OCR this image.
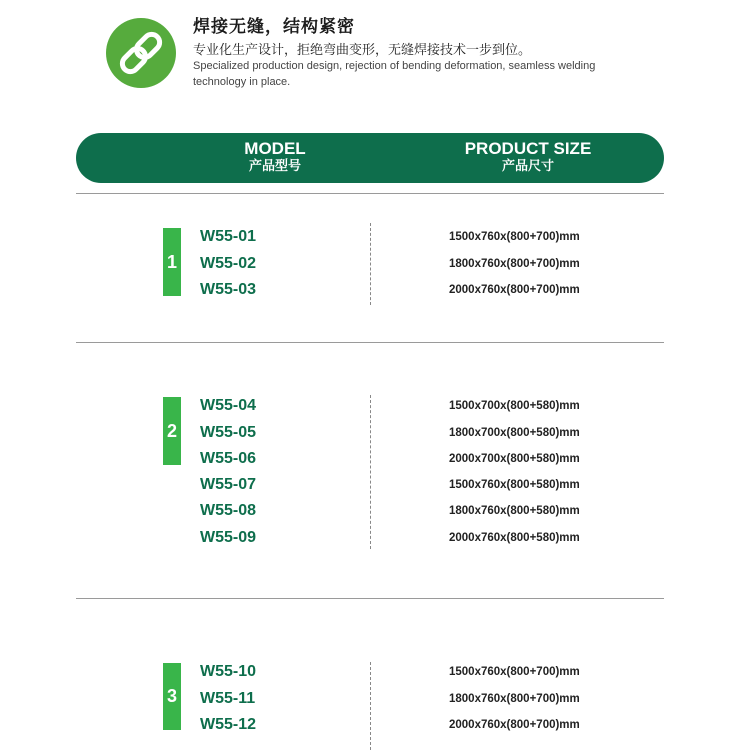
焊接无缝，结构紧密
专业化生产设计，拒绝弯曲变形，无缝焊接技术一步到位。
Specialized production design, rejection of bending deformation, seamless welding technology in place.
MODEL
产品型号
PRODUCT SIZE
产品尺寸
1
W55-01
W55-02
W55-03
1500x760x(800+700)mm
1800x760x(800+700)mm
2000x760x(800+700)mm
2
W55-04
W55-05
W55-06
W55-07
W55-08
W55-09
1500x700x(800+580)mm
1800x700x(800+580)mm
2000x700x(800+580)mm
1500x760x(800+580)mm
1800x760x(800+580)mm
2000x760x(800+580)mm
3
W55-10
W55-11
W55-12
1500x760x(800+700)mm
1800x760x(800+700)mm
2000x760x(800+700)mm
